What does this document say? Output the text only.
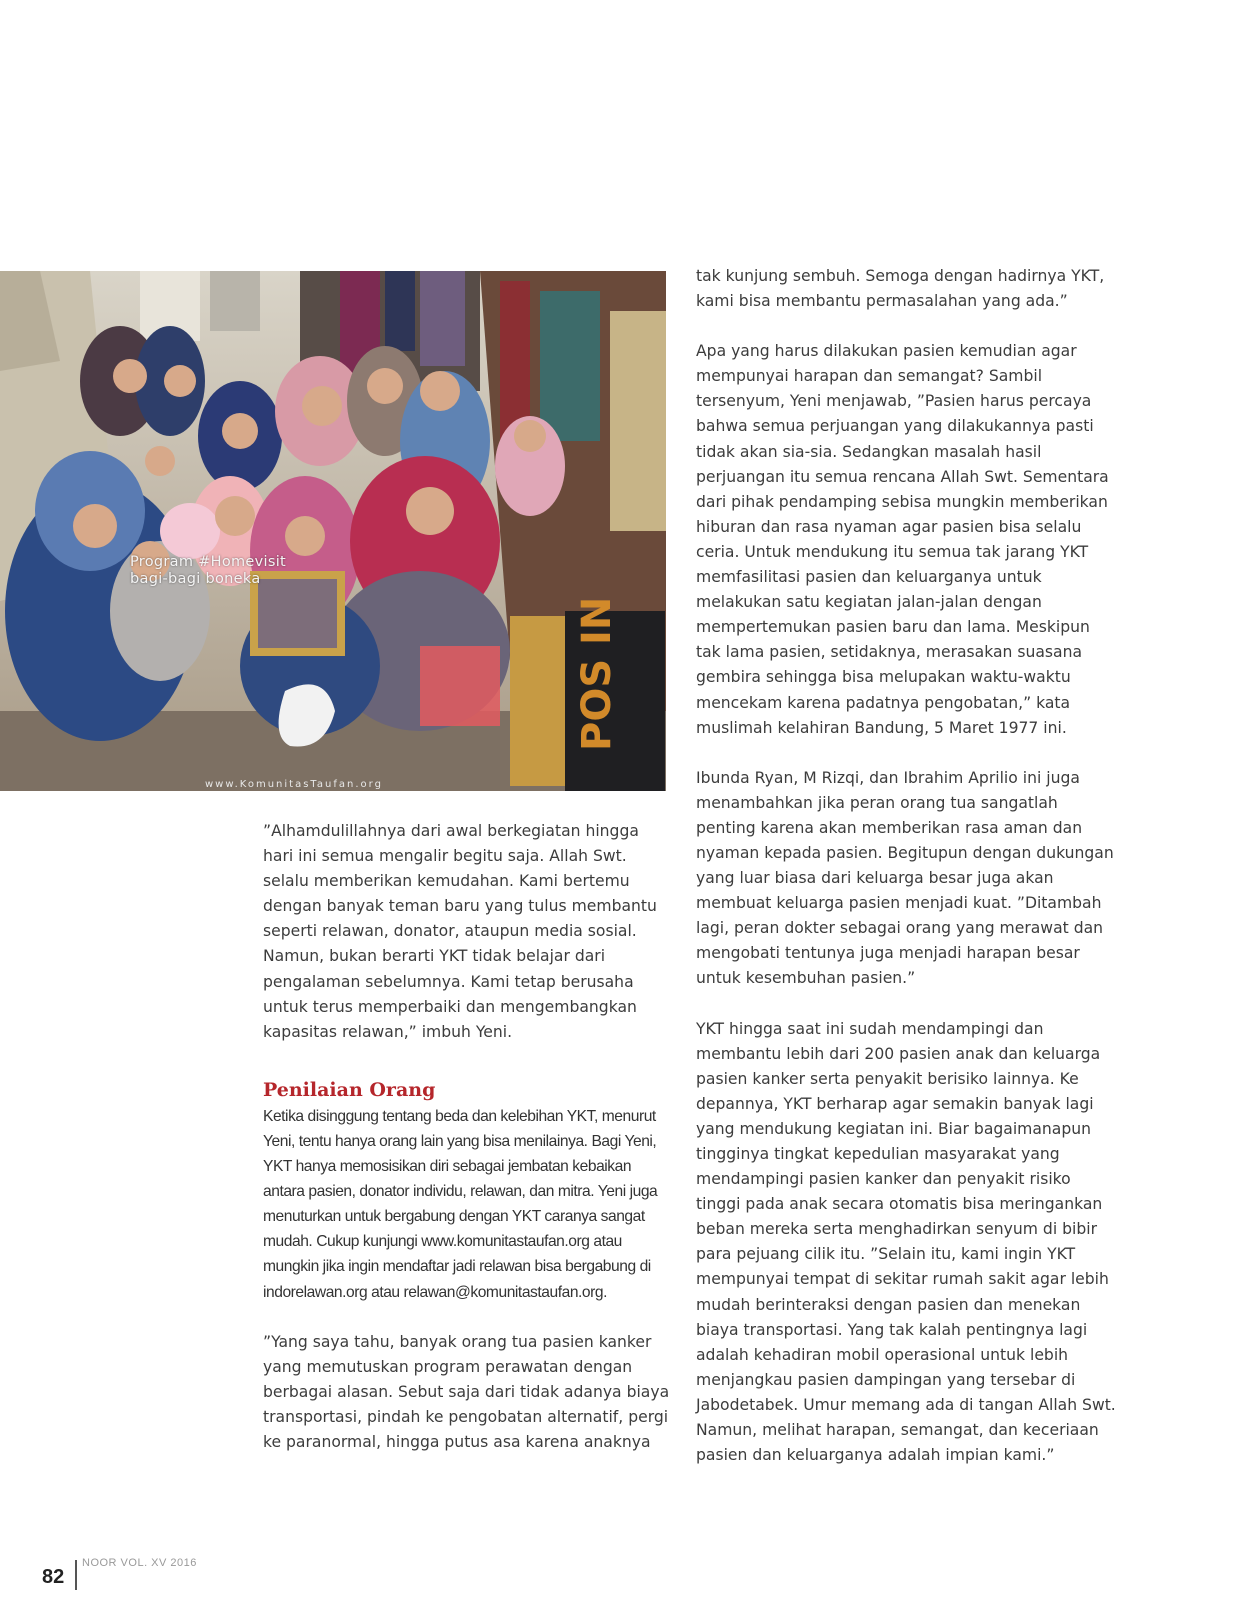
POS IN
Program #Homevisit
bagi-bagi boneka
www.KomunitasTaufan.org

”Alhamdulillahnya dari awal berkegiatan hingga hari ini semua mengalir begitu saja. Allah Swt. selalu memberikan kemudahan. Kami bertemu dengan banyak teman baru yang tulus membantu seperti relawan, donator, ataupun media sosial. Namun, bukan berarti YKT tidak belajar dari pengalaman sebelumnya. Kami tetap berusaha untuk terus memperbaiki dan mengembangkan kapasitas relawan,” imbuh Yeni.

Penilaian Orang

Ketika disinggung tentang beda dan kelebihan YKT, menurut Yeni, tentu hanya orang lain yang bisa menilainya. Bagi Yeni, YKT hanya memosisikan diri sebagai jembatan kebaikan antara pasien, donator individu, relawan, dan mitra. Yeni juga menuturkan untuk bergabung dengan YKT caranya sangat mudah. Cukup kunjungi www.komunitastaufan.org atau mungkin jika ingin mendaftar jadi relawan bisa bergabung di indorelawan.org atau relawan@komunitastaufan.org.

”Yang saya tahu, banyak orang tua pasien kanker yang memutuskan program perawatan dengan berbagai alasan. Sebut saja dari tidak adanya biaya transportasi, pindah ke pengobatan alternatif, pergi ke paranormal, hingga putus asa karena anaknya

tak kunjung sembuh. Semoga dengan hadirnya YKT, kami bisa membantu permasalahan yang ada.”

Apa yang harus dilakukan pasien kemudian agar mempunyai harapan dan semangat? Sambil tersenyum, Yeni menjawab, ”Pasien harus percaya bahwa semua perjuangan yang dilakukannya pasti tidak akan sia-sia. Sedangkan masalah hasil perjuangan itu semua rencana Allah Swt. Sementara dari pihak pendamping sebisa mungkin memberikan hiburan dan rasa nyaman agar pasien bisa selalu ceria. Untuk mendukung itu semua tak jarang YKT memfasilitasi pasien dan keluarganya untuk melakukan satu kegiatan jalan-jalan dengan mempertemukan pasien baru dan lama. Meskipun tak lama pasien, setidaknya, merasakan suasana gembira sehingga bisa melupakan waktu-waktu mencekam karena padatnya pengobatan,” kata muslimah kelahiran Bandung, 5 Maret 1977 ini.

Ibunda Ryan, M Rizqi, dan Ibrahim Aprilio ini juga menambahkan jika peran orang tua sangatlah penting karena akan memberikan rasa aman dan nyaman kepada pasien. Begitupun dengan dukungan yang luar biasa dari keluarga besar juga akan membuat keluarga pasien menjadi kuat. ”Ditambah lagi, peran dokter sebagai orang yang merawat dan mengobati tentunya juga menjadi harapan besar untuk kesembuhan pasien.”

YKT hingga saat ini sudah mendampingi dan membantu lebih dari 200 pasien anak dan keluarga pasien kanker serta penyakit berisiko lainnya. Ke depannya, YKT berharap agar semakin banyak lagi yang mendukung kegiatan ini. Biar bagaimanapun tingginya tingkat kepedulian masyarakat yang mendampingi pasien kanker dan penyakit risiko tinggi pada anak secara otomatis bisa meringankan beban mereka serta menghadirkan senyum di bibir para pejuang cilik itu. ”Selain itu, kami ingin YKT mempunyai tempat di sekitar rumah sakit agar lebih mudah berinteraksi dengan pasien dan menekan biaya transportasi. Yang tak kalah pentingnya lagi adalah kehadiran mobil operasional untuk lebih menjangkau pasien dampingan yang tersebar di Jabodetabek. Umur memang ada di tangan Allah Swt. Namun, melihat harapan, semangat, dan keceriaan pasien dan keluarganya adalah impian kami.”

82
NOOR VOL. XV 2016
